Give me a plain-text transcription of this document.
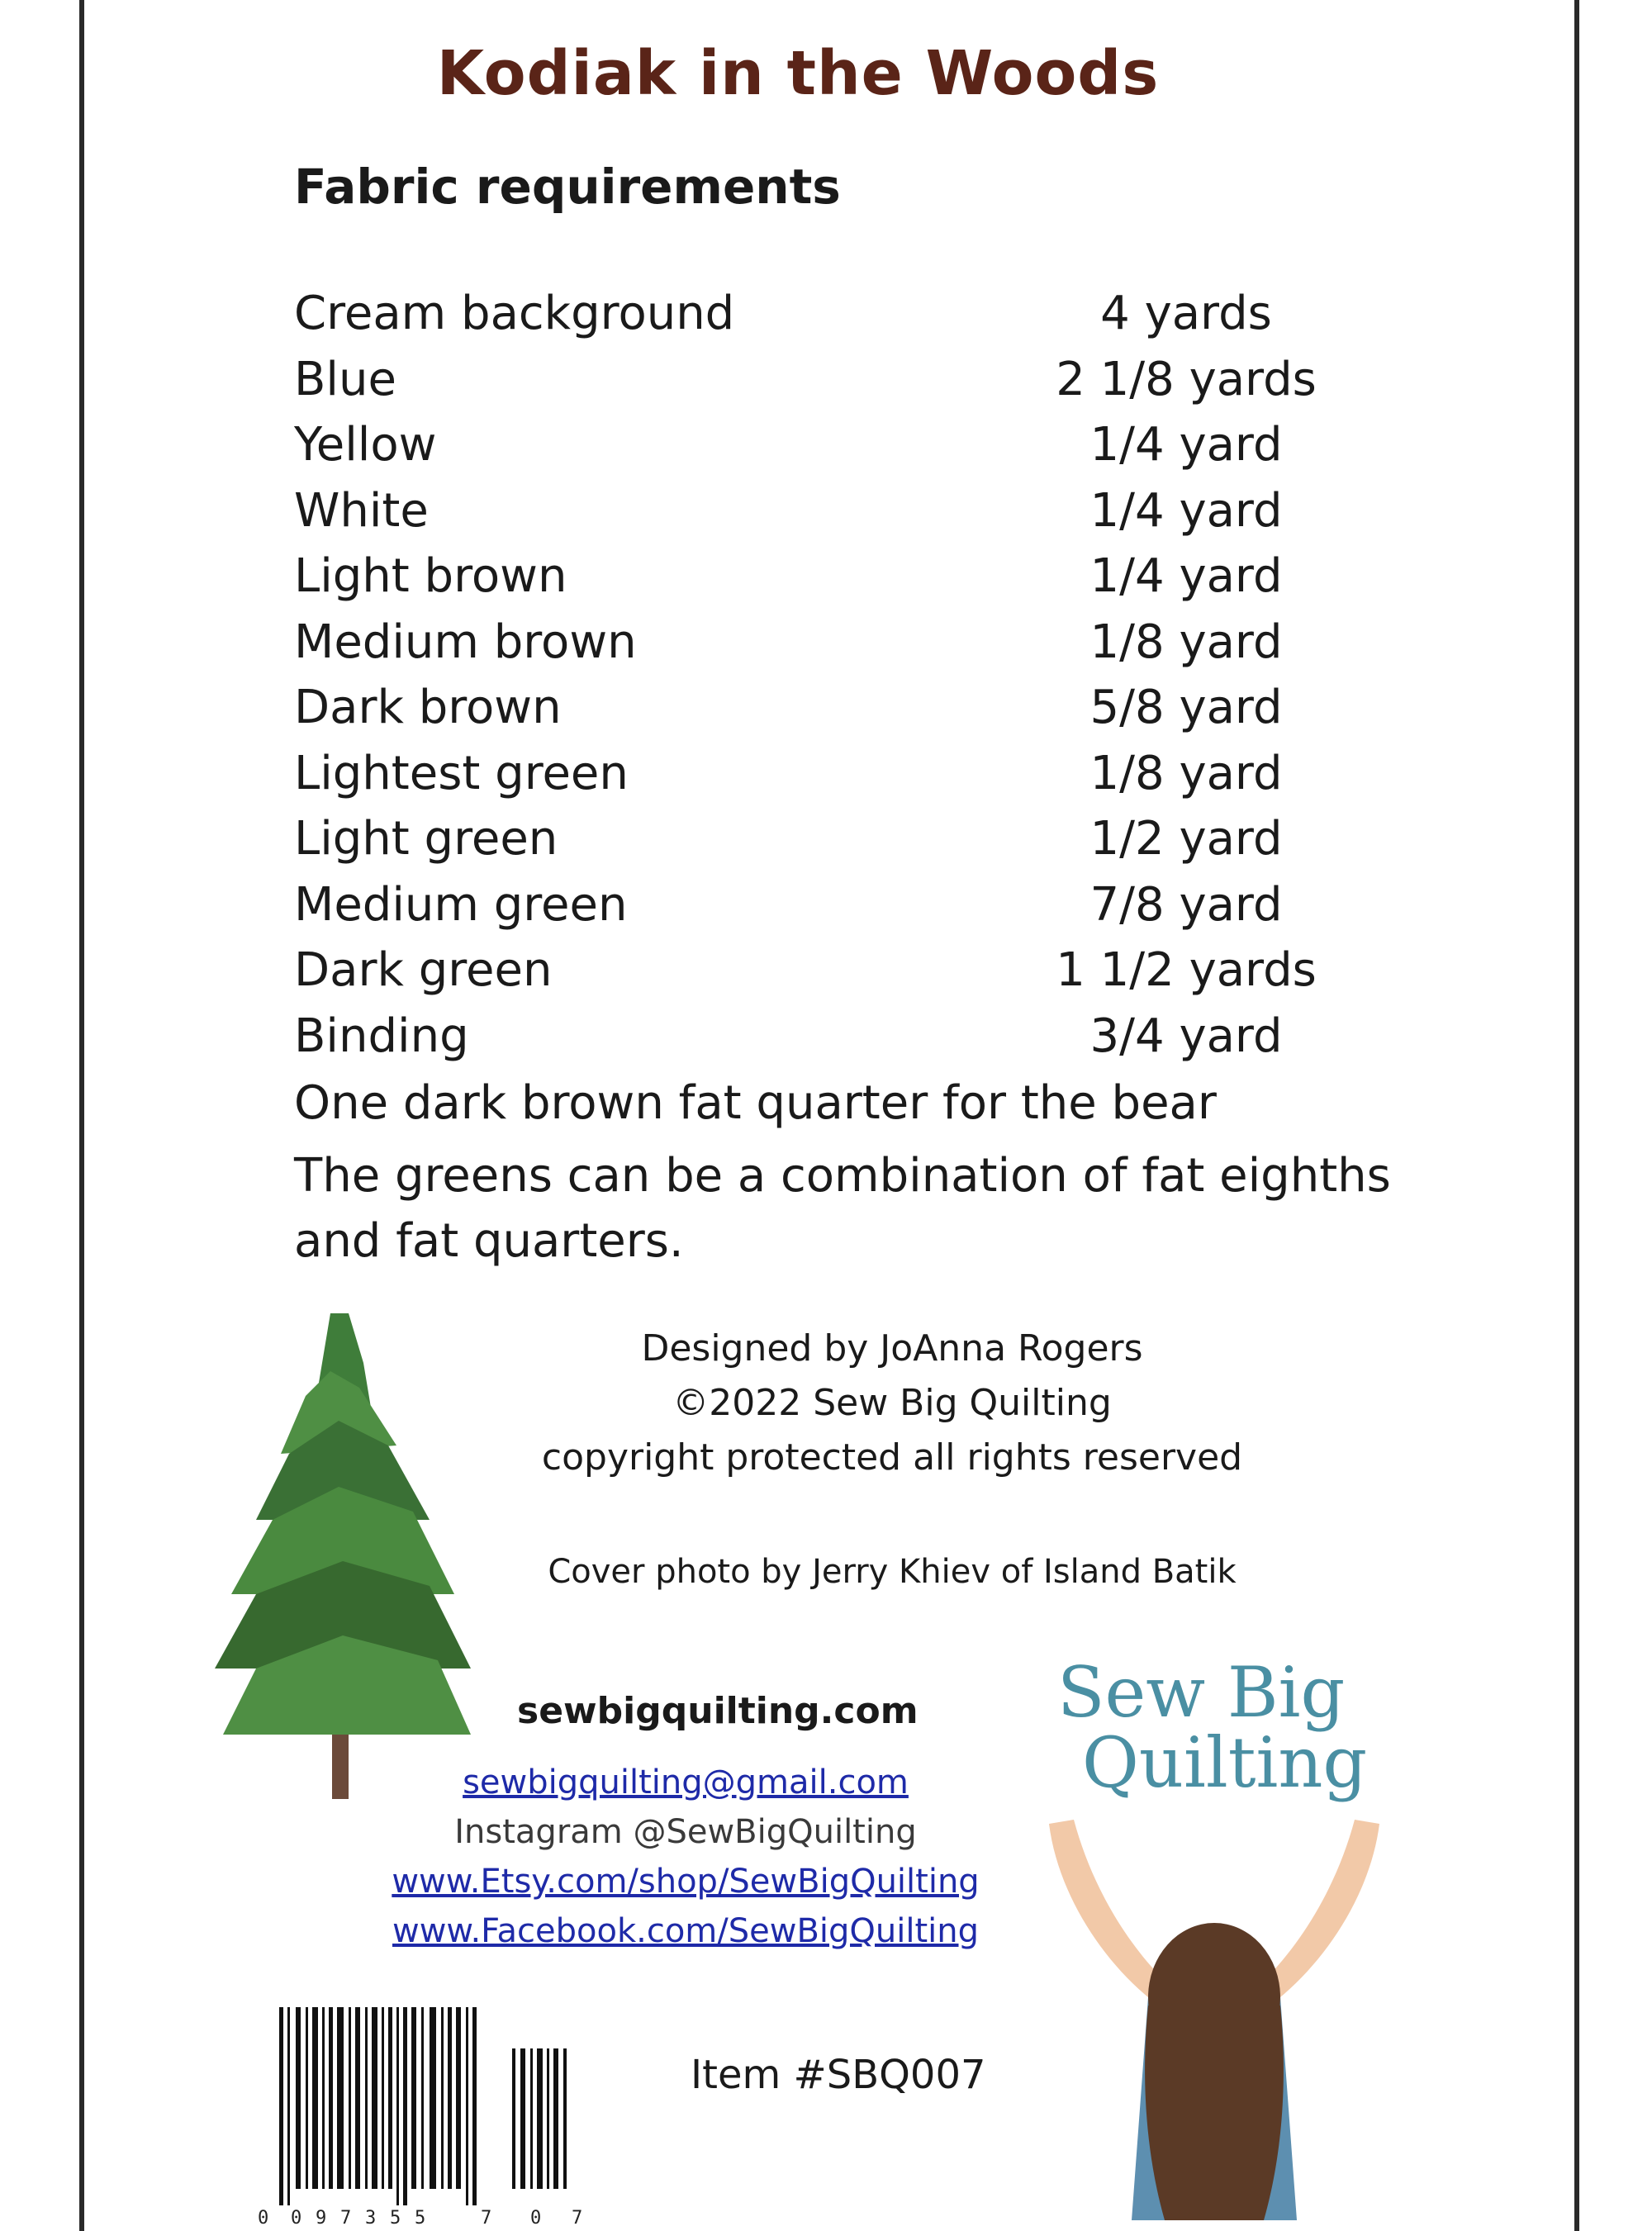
Kodiak in the Woods
Fabric requirements
Cream background	4 yards
Blue	2 1/8 yards
Yellow	1/4 yard
White	1/4 yard
Light brown	1/4 yard
Medium brown	1/8 yard
Dark brown	5/8 yard
Lightest green	1/8 yard
Light green	1/2 yard
Medium green	7/8 yard
Dark green	1 1/2 yards
Binding	3/4 yard
One dark brown fat quarter for the bear
The greens can be a combination of fat eighths and fat quarters.
Designed by JoAnna Rogers
©2022 Sew Big Quilting
copyright protected all rights reserved
Cover photo by Jerry Khiev of Island Batik
sewbigquilting.com
sewbigquilting@gmail.com
Instagram @SewBigQuilting
www.Etsy.com/shop/SewBigQuilting
www.Facebook.com/SewBigQuilting
Sew Big
Quilting
0 0 9 7 3 5 5	7 0 7
Item #SBQ007
